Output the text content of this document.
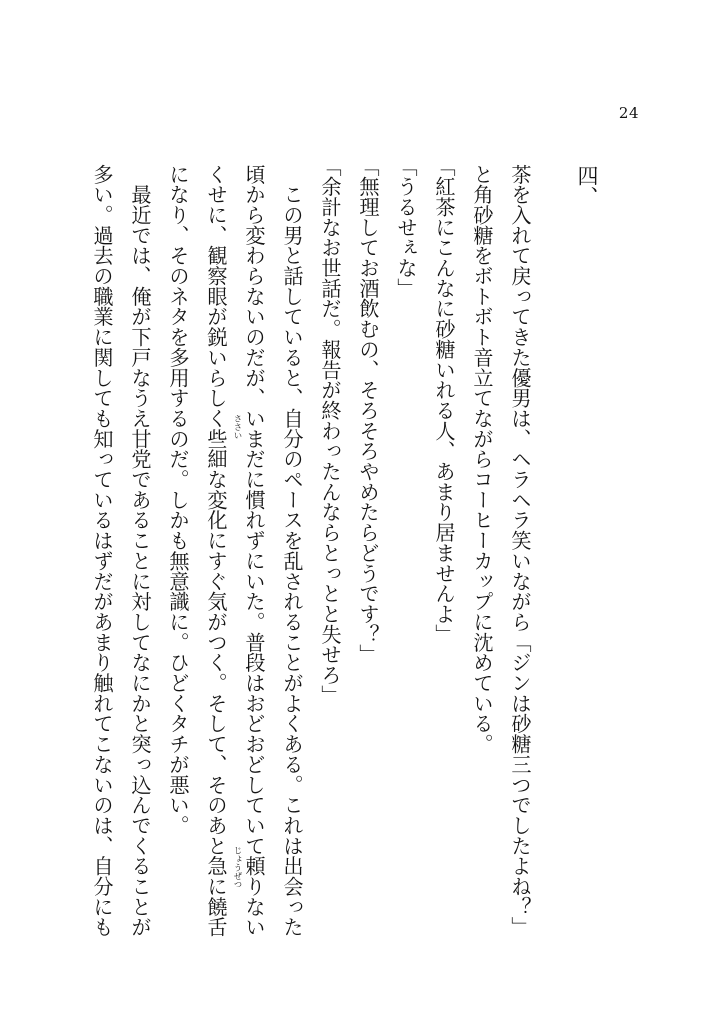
24
四、
茶を入れて戻ってきた優男は、ヘラヘラ笑いながら「ジンは砂糖三つでしたよね？」
と角砂糖をボトボト音立てながらコーヒーカップに沈めている。
「紅茶にこんなに砂糖いれる人、あまり居ませんよ」
「うるせぇな」
「無理してお酒飲むの、そろそろやめたらどうです？」
「余計なお世話だ。報告が終わったんならとっとと失せろ」
　この男と話していると、自分のペースを乱されることがよくある。これは出会った
頃から変わらないのだが、いまだに慣れずにいた。普段はおどおどしていて頼りない
くせに、観察眼が鋭いらしく些細な変化にすぐ気がつく。そして、そのあと急に饒舌
になり、そのネタを多用するのだ。しかも無意識に。ひどくタチが悪い。
　最近では、俺が下戸なうえ甘党であることに対してなにかと突っ込んでくることが
多い。過去の職業に関しても知っているはずだがあまり触れてこないのは、自分にも	ささい
じょうぜつ
